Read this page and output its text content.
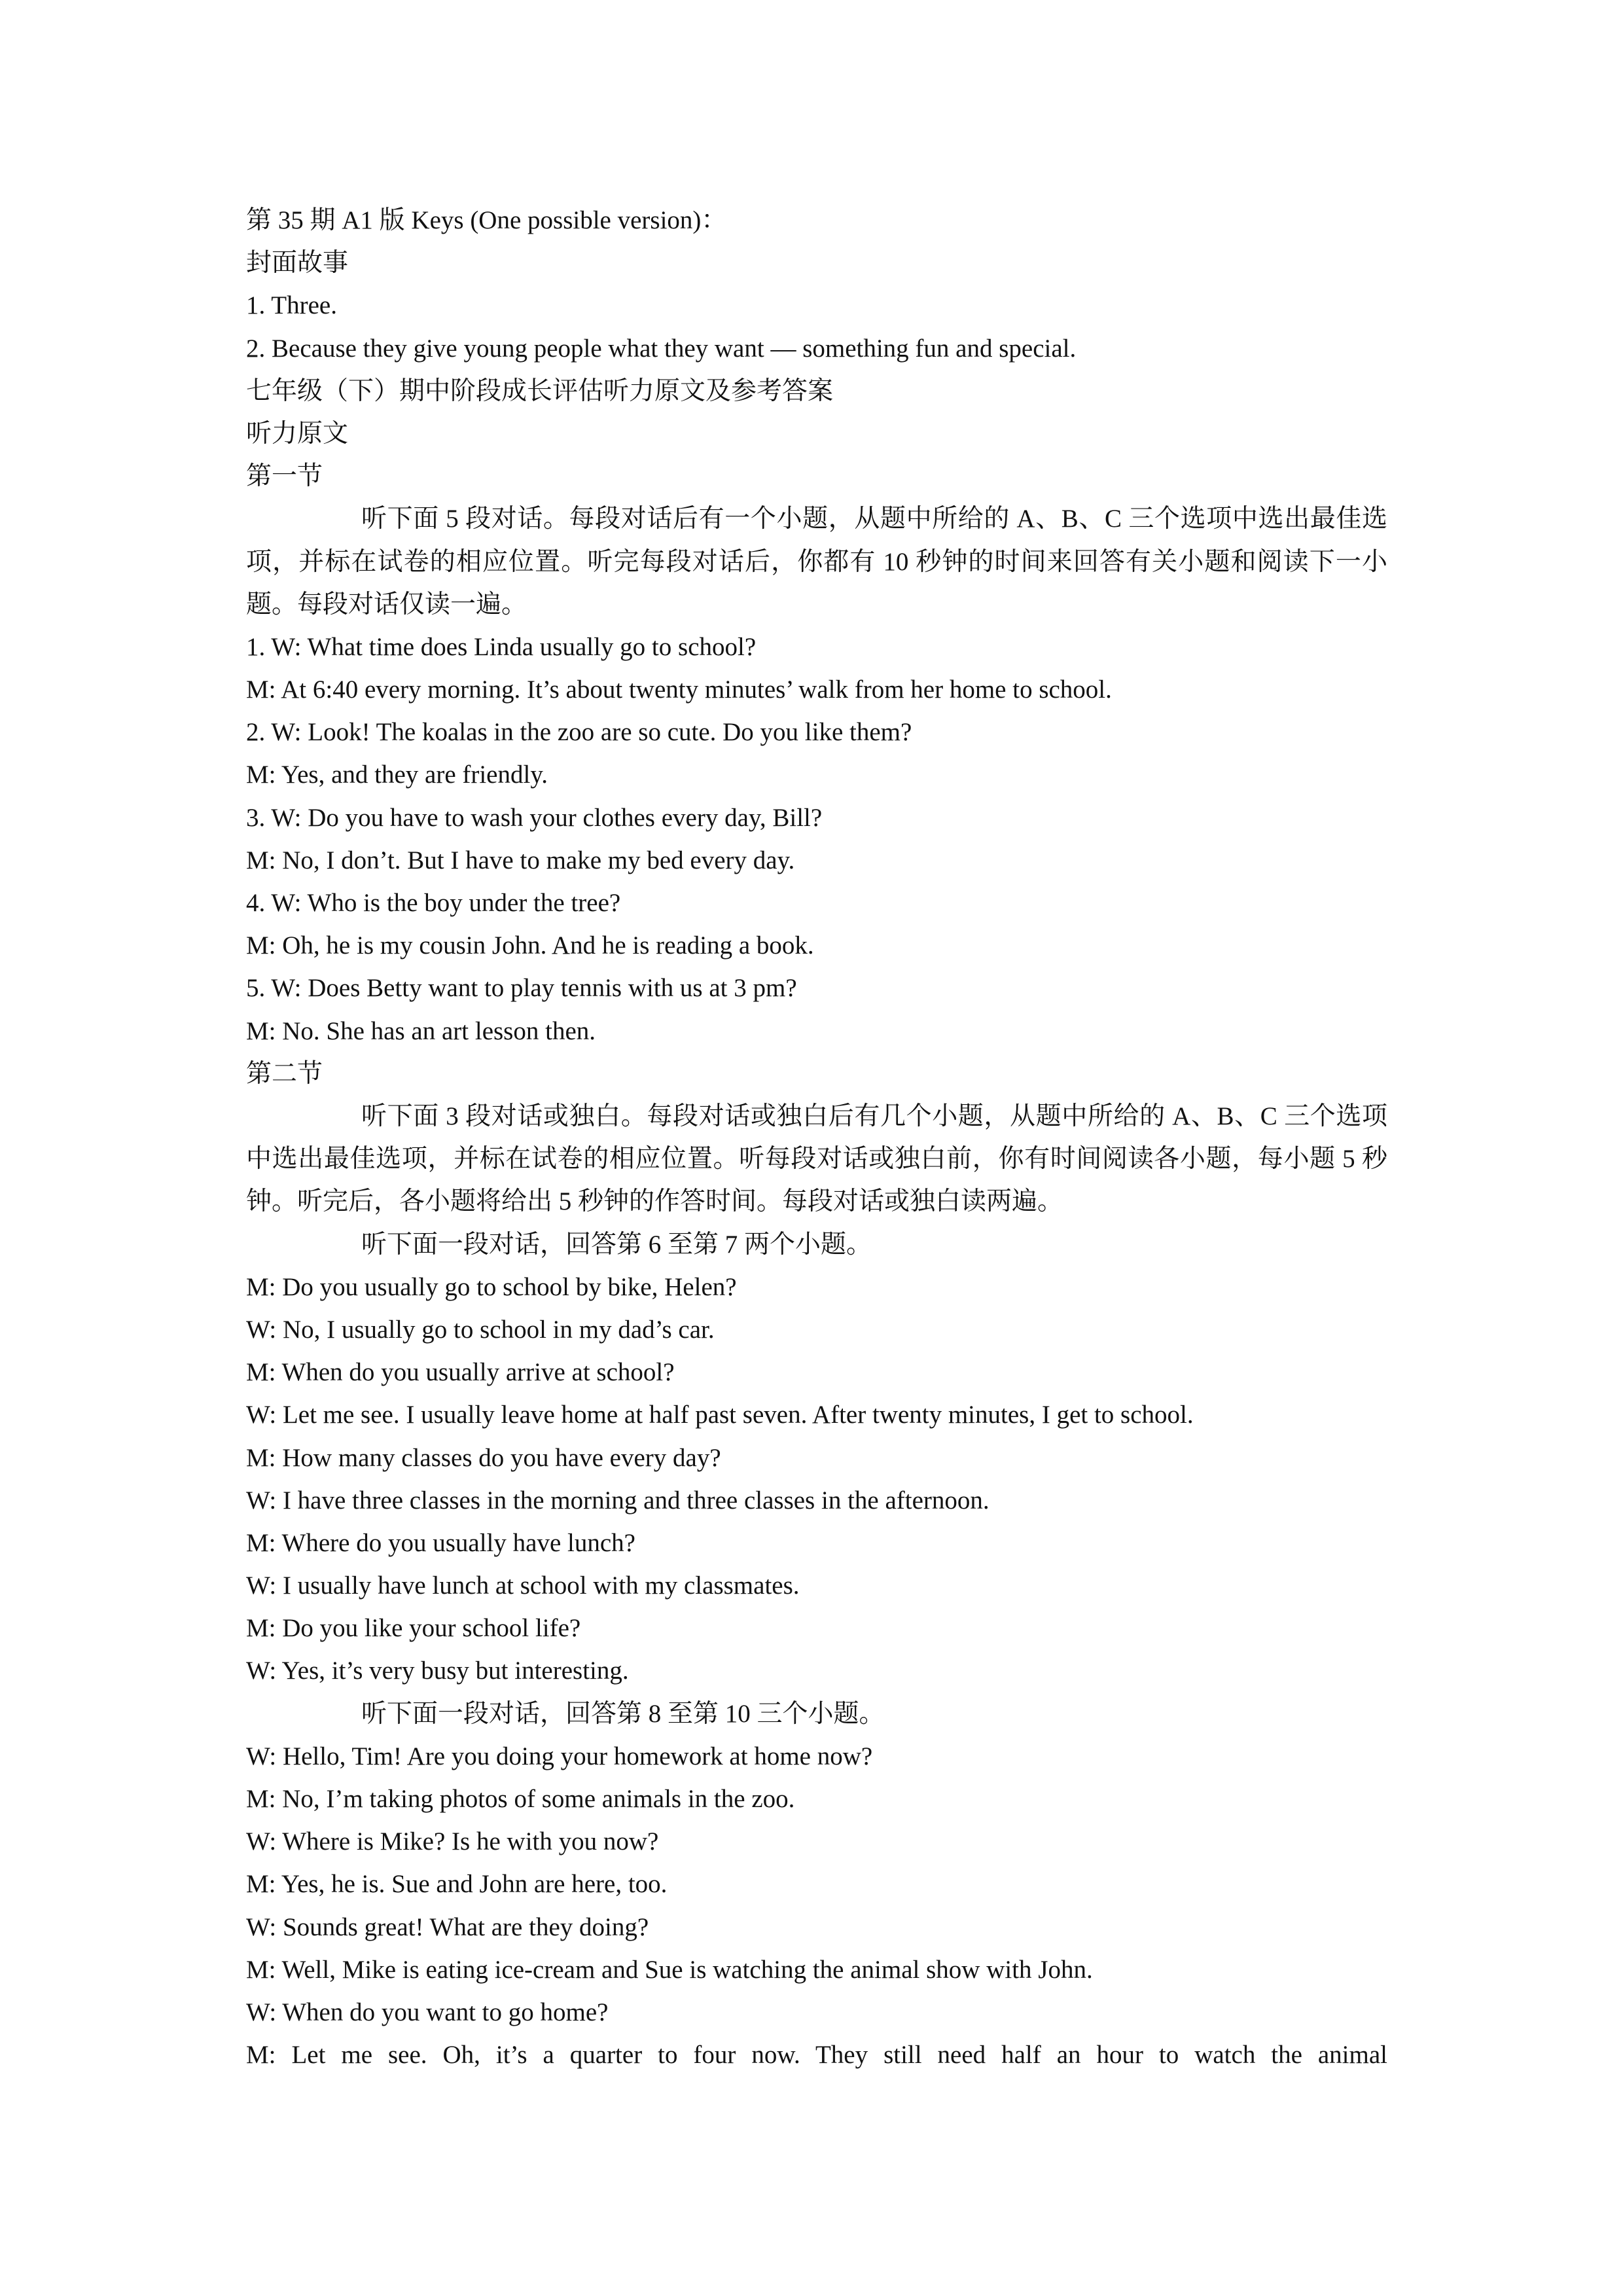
第 35 期 A1 版 Keys (One possible version)：

封面故事

1. Three.

2. Because they give young people what they want — something fun and special.

七年级（下）期中阶段成长评估听力原文及参考答案

听力原文

第一节

听下面 5 段对话。每段对话后有一个小题，从题中所给的 A、B、C 三个选项中选出最佳选项，并标在试卷的相应位置。听完每段对话后，你都有 10 秒钟的时间来回答有关小题和阅读下一小题。每段对话仅读一遍。

1. W: What time does Linda usually go to school?

M: At 6:40 every morning. It’s about twenty minutes’ walk from her home to school.

2. W: Look! The koalas in the zoo are so cute. Do you like them?

M: Yes, and they are friendly.

3. W: Do you have to wash your clothes every day, Bill?

M: No, I don’t. But I have to make my bed every day.

4. W: Who is the boy under the tree?

M: Oh, he is my cousin John. And he is reading a book.

5. W: Does Betty want to play tennis with us at 3 pm?

M: No. She has an art lesson then.

第二节

听下面 3 段对话或独白。每段对话或独白后有几个小题，从题中所给的 A、B、C 三个选项中选出最佳选项，并标在试卷的相应位置。听每段对话或独白前，你有时间阅读各小题，每小题 5 秒钟。听完后，各小题将给出 5 秒钟的作答时间。每段对话或独白读两遍。

听下面一段对话，回答第 6 至第 7 两个小题。

M: Do you usually go to school by bike, Helen?

W: No, I usually go to school in my dad’s car.

M: When do you usually arrive at school?

W: Let me see. I usually leave home at half past seven. After twenty minutes, I get to school.

M: How many classes do you have every day?

W: I have three classes in the morning and three classes in the afternoon.

M: Where do you usually have lunch?

W: I usually have lunch at school with my classmates.

M: Do you like your school life?

W: Yes, it’s very busy but interesting.

听下面一段对话，回答第 8 至第 10 三个小题。

W: Hello, Tim! Are you doing your homework at home now?

M: No, I’m taking photos of some animals in the zoo.

W: Where is Mike? Is he with you now?

M: Yes, he is. Sue and John are here, too.

W: Sounds great! What are they doing?

M: Well, Mike is eating ice-cream and Sue is watching the animal show with John.

W: When do you want to go home?

M: Let me see. Oh, it’s a quarter to four now. They still need half an hour to watch the animal
